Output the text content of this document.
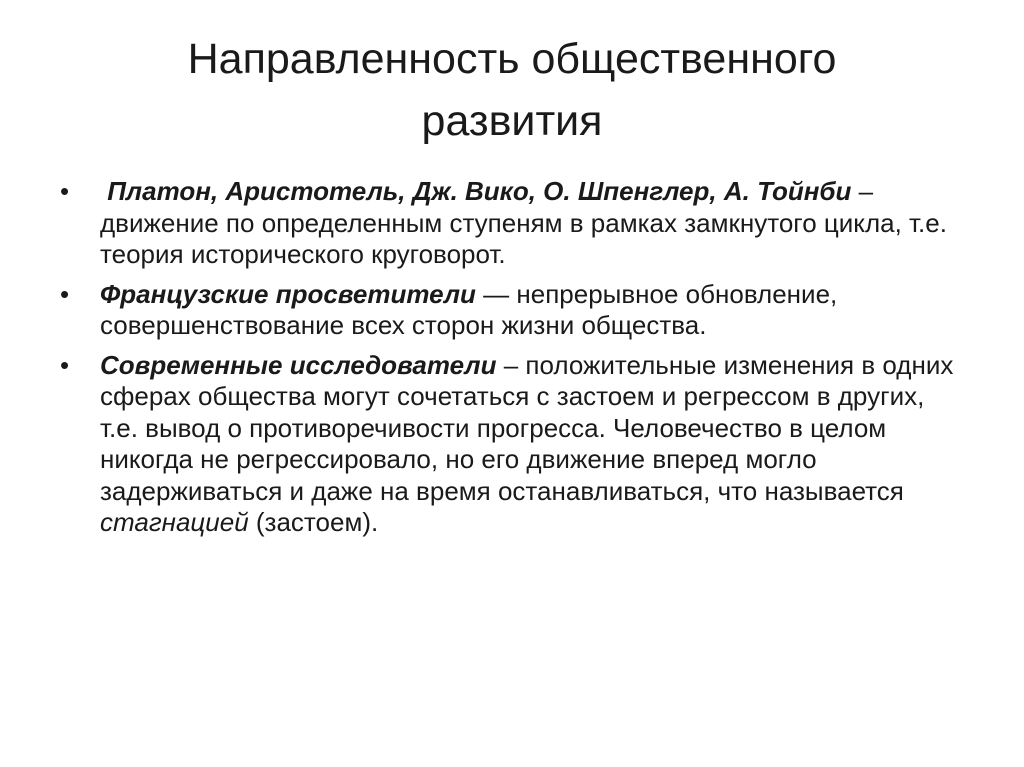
Направленность общественного
развития
• Платон, Аристотель, Дж. Вико, О. Шпенглер, А. Тойнби – движение по определенным ступеням в рамках замкнутого цикла, т.е. теория исторического круговорот.
• Французские просветители — непрерывное обновление, совершенствование всех сторон жизни общества.
• Современные исследователи – положительные изменения в одних сферах общества могут сочетаться с застоем и регрессом в других, т.е. вывод о противоречивости прогресса. Человечество в целом никогда не регрессировало, но его движение вперед могло задерживаться и даже на время останавливаться, что называется стагнацией (застоем).
